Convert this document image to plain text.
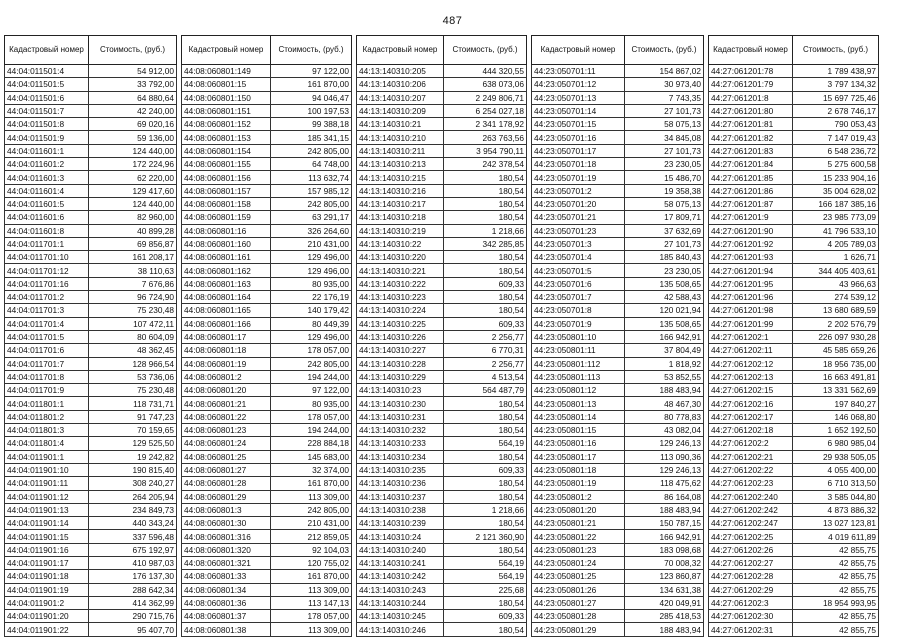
487
Кадастровый номер	Стоимость, (руб.)
44:04:011501:4	54 912,00
44:04:011501:5	33 792,00
44:04:011501:6	64 880,64
44:04:011501:7	42 240,00
44:04:011501:8	69 020,16
44:04:011501:9	59 136,00
44:04:011601:1	124 440,00
44:04:011601:2	172 224,96
44:04:011601:3	62 220,00
44:04:011601:4	129 417,60
44:04:011601:5	124 440,00
44:04:011601:6	82 960,00
44:04:011601:8	40 899,28
44:04:011701:1	69 856,87
44:04:011701:10	161 208,17
44:04:011701:12	38 110,63
44:04:011701:16	7 676,86
44:04:011701:2	96 724,90
44:04:011701:3	75 230,48
44:04:011701:4	107 472,11
44:04:011701:5	80 604,09
44:04:011701:6	48 362,45
44:04:011701:7	128 966,54
44:04:011701:8	53 736,06
44:04:011701:9	75 230,48
44:04:011801:1	118 731,71
44:04:011801:2	91 747,23
44:04:011801:3	70 159,65
44:04:011801:4	129 525,50
44:04:011901:1	19 242,82
44:04:011901:10	190 815,40
44:04:011901:11	308 240,27
44:04:011901:12	264 205,94
44:04:011901:13	234 849,73
44:04:011901:14	440 343,24
44:04:011901:15	337 596,48
44:04:011901:16	675 192,97
44:04:011901:17	410 987,03
44:04:011901:18	176 137,30
44:04:011901:19	288 642,34
44:04:011901:2	414 362,99
44:04:011901:20	290 715,76
44:04:011901:22	95 407,70
Кадастровый номер	Стоимость, (руб.)
44:08:060801:149	97 122,00
44:08:060801:15	161 870,00
44:08:060801:150	94 046,47
44:08:060801:151	100 197,53
44:08:060801:152	99 388,18
44:08:060801:153	185 341,15
44:08:060801:154	242 805,00
44:08:060801:155	64 748,00
44:08:060801:156	113 632,74
44:08:060801:157	157 985,12
44:08:060801:158	242 805,00
44:08:060801:159	63 291,17
44:08:060801:16	326 264,60
44:08:060801:160	210 431,00
44:08:060801:161	129 496,00
44:08:060801:162	129 496,00
44:08:060801:163	80 935,00
44:08:060801:164	22 176,19
44:08:060801:165	140 179,42
44:08:060801:166	80 449,39
44:08:060801:17	129 496,00
44:08:060801:18	178 057,00
44:08:060801:19	242 805,00
44:08:060801:2	194 244,00
44:08:060801:20	97 122,00
44:08:060801:21	80 935,00
44:08:060801:22	178 057,00
44:08:060801:23	194 244,00
44:08:060801:24	228 884,18
44:08:060801:25	145 683,00
44:08:060801:27	32 374,00
44:08:060801:28	161 870,00
44:08:060801:29	113 309,00
44:08:060801:3	242 805,00
44:08:060801:30	210 431,00
44:08:060801:316	212 859,05
44:08:060801:320	92 104,03
44:08:060801:321	120 755,02
44:08:060801:33	161 870,00
44:08:060801:34	113 309,00
44:08:060801:36	113 147,13
44:08:060801:37	178 057,00
44:08:060801:38	113 309,00
Кадастровый номер	Стоимость, (руб.)
44:13:140310:205	444 320,55
44:13:140310:206	638 073,06
44:13:140310:207	2 249 806,71
44:13:140310:209	6 254 027,18
44:13:140310:21	2 341 178,92
44:13:140310:210	263 763,56
44:13:140310:211	3 954 790,11
44:13:140310:213	242 378,54
44:13:140310:215	180,54
44:13:140310:216	180,54
44:13:140310:217	180,54
44:13:140310:218	180,54
44:13:140310:219	1 218,66
44:13:140310:22	342 285,85
44:13:140310:220	180,54
44:13:140310:221	180,54
44:13:140310:222	609,33
44:13:140310:223	180,54
44:13:140310:224	180,54
44:13:140310:225	609,33
44:13:140310:226	2 256,77
44:13:140310:227	6 770,31
44:13:140310:228	2 256,77
44:13:140310:229	4 513,54
44:13:140310:23	564 487,79
44:13:140310:230	180,54
44:13:140310:231	180,54
44:13:140310:232	180,54
44:13:140310:233	564,19
44:13:140310:234	180,54
44:13:140310:235	609,33
44:13:140310:236	180,54
44:13:140310:237	180,54
44:13:140310:238	1 218,66
44:13:140310:239	180,54
44:13:140310:24	2 121 360,90
44:13:140310:240	180,54
44:13:140310:241	564,19
44:13:140310:242	564,19
44:13:140310:243	225,68
44:13:140310:244	180,54
44:13:140310:245	609,33
44:13:140310:246	180,54
Кадастровый номер	Стоимость, (руб.)
44:23:050701:11	154 867,02
44:23:050701:12	30 973,40
44:23:050701:13	7 743,35
44:23:050701:14	27 101,73
44:23:050701:15	58 075,13
44:23:050701:16	34 845,08
44:23:050701:17	27 101,73
44:23:050701:18	23 230,05
44:23:050701:19	15 486,70
44:23:050701:2	19 358,38
44:23:050701:20	58 075,13
44:23:050701:21	17 809,71
44:23:050701:23	37 632,69
44:23:050701:3	27 101,73
44:23:050701:4	185 840,43
44:23:050701:5	23 230,05
44:23:050701:6	135 508,65
44:23:050701:7	42 588,43
44:23:050701:8	120 021,94
44:23:050701:9	135 508,65
44:23:050801:10	166 942,91
44:23:050801:11	37 804,49
44:23:050801:112	1 818,92
44:23:050801:113	53 852,55
44:23:050801:12	188 483,94
44:23:050801:13	48 467,30
44:23:050801:14	80 778,83
44:23:050801:15	43 082,04
44:23:050801:16	129 246,13
44:23:050801:17	113 090,36
44:23:050801:18	129 246,13
44:23:050801:19	118 475,62
44:23:050801:2	86 164,08
44:23:050801:20	188 483,94
44:23:050801:21	150 787,15
44:23:050801:22	166 942,91
44:23:050801:23	183 098,68
44:23:050801:24	70 008,32
44:23:050801:25	123 860,87
44:23:050801:26	134 631,38
44:23:050801:27	420 049,91
44:23:050801:28	285 418,53
44:23:050801:29	188 483,94
Кадастровый номер	Стоимость, (руб.)
44:27:061201:78	1 789 438,97
44:27:061201:79	3 797 134,32
44:27:061201:8	15 697 725,46
44:27:061201:80	2 678 746,17
44:27:061201:81	790 053,43
44:27:061201:82	7 147 019,43
44:27:061201:83	6 548 236,72
44:27:061201:84	5 275 600,58
44:27:061201:85	15 233 904,16
44:27:061201:86	35 004 628,02
44:27:061201:87	166 187 385,16
44:27:061201:9	23 985 773,09
44:27:061201:90	41 796 533,10
44:27:061201:92	4 205 789,03
44:27:061201:93	1 626,71
44:27:061201:94	344 405 403,61
44:27:061201:95	43 966,63
44:27:061201:96	274 539,12
44:27:061201:98	13 680 689,59
44:27:061201:99	2 202 576,79
44:27:061202:1	226 097 930,28
44:27:061202:11	45 585 659,26
44:27:061202:12	18 956 735,00
44:27:061202:13	16 663 491,81
44:27:061202:15	13 331 562,69
44:27:061202:16	197 840,27
44:27:061202:17	146 068,80
44:27:061202:18	1 652 192,50
44:27:061202:2	6 980 985,04
44:27:061202:21	29 938 505,05
44:27:061202:22	4 055 400,00
44:27:061202:23	6 710 313,50
44:27:061202:240	3 585 044,80
44:27:061202:242	4 873 886,32
44:27:061202:247	13 027 123,81
44:27:061202:25	4 019 611,89
44:27:061202:26	42 855,75
44:27:061202:27	42 855,75
44:27:061202:28	42 855,75
44:27:061202:29	42 855,75
44:27:061202:3	18 954 993,95
44:27:061202:30	42 855,75
44:27:061202:31	42 855,75
